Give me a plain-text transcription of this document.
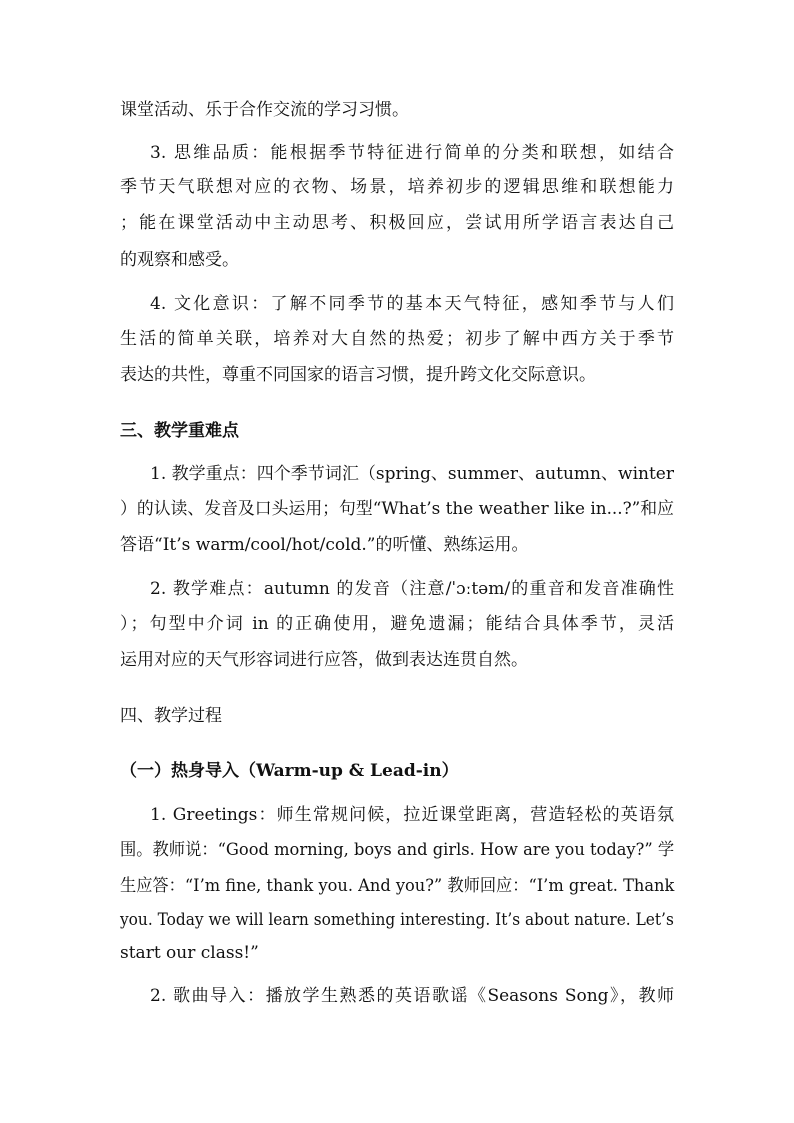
课堂活动、乐于合作交流的学习习惯。
3. 思维品质：能根据季节特征进行简单的分类和联想，如结合
季节天气联想对应的衣物、场景，培养初步的逻辑思维和联想能力
；能在课堂活动中主动思考、积极回应，尝试用所学语言表达自己
的观察和感受。
4. 文化意识：了解不同季节的基本天气特征，感知季节与人们
生活的简单关联，培养对大自然的热爱；初步了解中西方关于季节
表达的共性，尊重不同国家的语言习惯，提升跨文化交际意识。
三、教学重难点
1. 教学重点：四个季节词汇（spring、summer、autumn、winter
）的认读、发音及口头运用；句型“What’s the weather like in...?”和应
答语“It’s warm/cool/hot/cold.”的听懂、熟练运用。
2. 教学难点：autumn 的发音（注意/ˈɔːtəm/的重音和发音准确性
）；句型中介词 in 的正确使用，避免遗漏；能结合具体季节，灵活
运用对应的天气形容词进行应答，做到表达连贯自然。
四、教学过程
（一）热身导入（Warm-up & Lead-in）
1. Greetings：师生常规问候，拉近课堂距离，营造轻松的英语氛
围。教师说：“Good morning, boys and girls. How are you today?” 学
生应答：“I’m fine, thank you. And you?” 教师回应：“I’m great. Thank
you. Today we will learn something interesting. It’s about nature. Let’s
start our class!”
2. 歌曲导入：播放学生熟悉的英语歌谣《Seasons Song》，教师
